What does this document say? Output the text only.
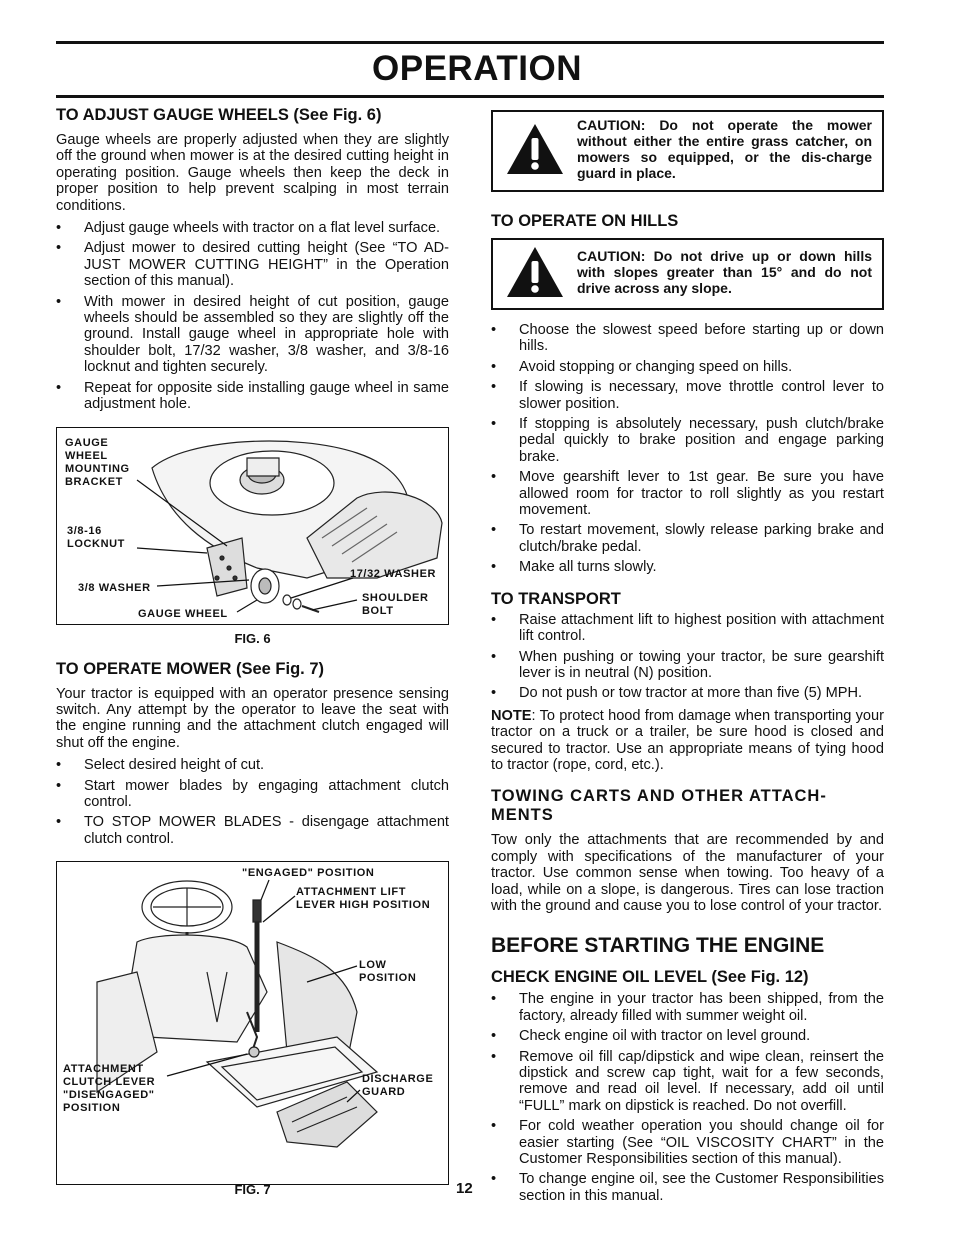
OPERATION
TO ADJUST GAUGE WHEELS (See Fig. 6)

Gauge wheels are properly adjusted when they are slightly off the ground when mower is at the desired cutting height in operating position. Gauge wheels then keep the deck in proper position to help prevent scalping in most terrain conditions.

• Adjust gauge wheels with tractor on a flat level surface.
• Adjust mower to desired cutting height (See “TO AD-JUST MOWER CUTTING HEIGHT” in the Operation section of this manual).
• With mower in desired height of cut position, gauge wheels should be assembled so they are slightly off the ground. Install gauge wheel in appropriate hole with shoulder bolt, 17/32 washer, 3/8 washer, and 3/8-16 locknut and tighten securely.
• Repeat for opposite side installing gauge wheel in same adjustment hole.
GAUGE
WHEEL
MOUNTING
BRACKET
3/8-16
LOCKNUT
3/8 WASHER
GAUGE WHEEL
17/32 WASHER
SHOULDER
BOLT
FIG. 6
TO OPERATE MOWER (See Fig. 7)

Your tractor is equipped with an operator presence sensing switch. Any attempt by the operator to leave the seat with the engine running and the attachment clutch engaged will shut off the engine.

• Select desired height of cut.
• Start mower blades by engaging attachment clutch control.
• TO STOP MOWER BLADES - disengage attachment clutch control.
"ENGAGED" POSITION
ATTACHMENT LIFT
LEVER HIGH POSITION
LOW
POSITION
ATTACHMENT
CLUTCH LEVER
"DISENGAGED"
POSITION
DISCHARGE
GUARD
FIG. 7	12
CAUTION: Do not operate the mower without either the entire grass catcher, on mowers so equipped, or the dis-charge guard in place.
TO OPERATE ON HILLS
CAUTION: Do not drive up or down hills with slopes greater than 15° and do not drive across any slope.
• Choose the slowest speed before starting up or down hills.
• Avoid stopping or changing speed on hills.
• If slowing is necessary, move throttle control lever to slower position.
• If stopping is absolutely necessary, push clutch/brake pedal quickly to brake position and engage parking brake.
• Move gearshift lever to 1st gear. Be sure you have allowed room for tractor to roll slightly as you restart movement.
• To restart movement, slowly release parking brake and clutch/brake pedal.
• Make all turns slowly.
TO TRANSPORT
• Raise attachment lift to highest position with attachment lift control.
• When pushing or towing your tractor, be sure gearshift lever is in neutral (N) position.
• Do not push or tow tractor at more than five (5) MPH.

NOTE: To protect hood from damage when transporting your tractor on a truck or a trailer, be sure hood is closed and secured to tractor. Use an appropriate means of tying hood to tractor (rope, cord, etc.).

TOWING CARTS AND OTHER ATTACH-MENTS

Tow only the attachments that are recommended by and comply with specifications of the manufacturer of your tractor. Use common sense when towing. Too heavy of a load, while on a slope, is dangerous. Tires can lose traction with the ground and cause you to lose control of your tractor.

BEFORE STARTING THE ENGINE
CHECK ENGINE OIL LEVEL (See Fig. 12)
• The engine in your tractor has been shipped, from the factory, already filled with summer weight oil.
• Check engine oil with tractor on level ground.
• Remove oil fill cap/dipstick and wipe clean, reinsert the dipstick and screw cap tight, wait for a few seconds, remove and read oil level. If necessary, add oil until “FULL” mark on dipstick is reached. Do not overfill.
• For cold weather operation you should change oil for easier starting (See “OIL VISCOSITY CHART” in the Customer Responsibilities section of this manual).
• To change engine oil, see the Customer Responsibilities section in this manual.
